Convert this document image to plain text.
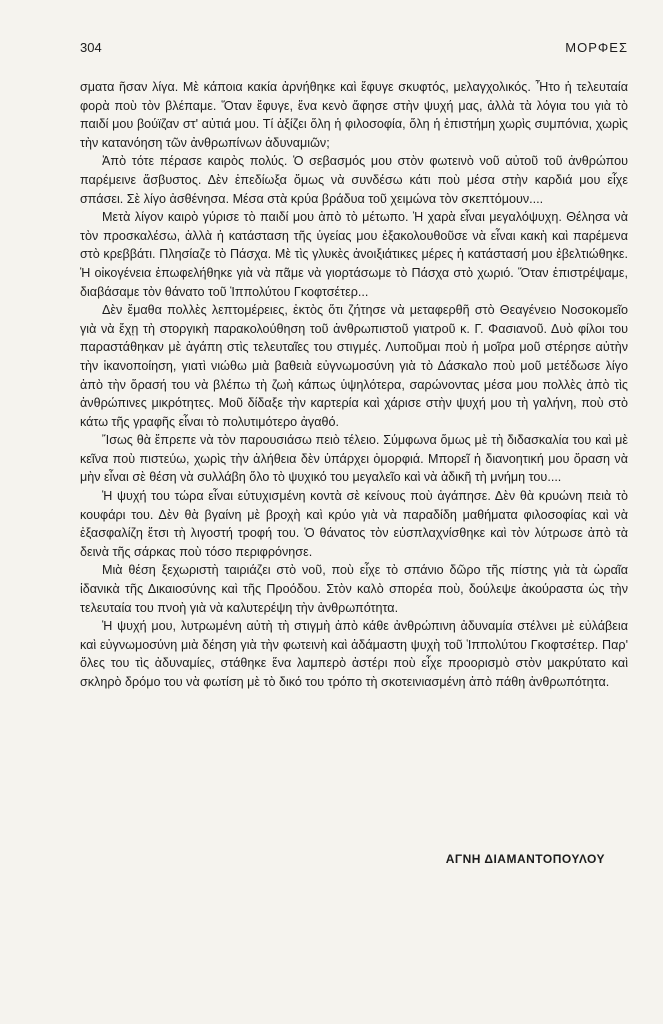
304	ΜΟΡΦΕΣ

σματα ῆσαν λίγα. Μὲ κάποια κακία ἀρνήθηκε καὶ ἔφυγε σκυφτός, μελαγχολικός. Ἦτο ἡ τελευταία φορὰ ποὺ τὸν βλέπαμε. Ὅταν ἔφυγε, ἕνα κενὸ ἄφησε στὴν ψυχή μας, ἀλλὰ τὰ λόγια του γιὰ τὸ παιδί μου βούϊζαν στ' αὐτιά μου. Τί ἀξίζει ὅλη ἡ φιλοσοφία, ὅλη ἡ ἐπιστήμη χωρὶς συμπόνια, χωρὶς τὴν κατανόηση τῶν ἀνθρωπίνων ἀδυναμιῶν;

Ἀπὸ τότε πέρασε καιρὸς πολύς. Ὁ σεβασμός μου στὸν φωτεινὸ νοῦ αὐτοῦ τοῦ ἀνθρώπου παρέμεινε ἄσβυστος. Δὲν ἐπεδίωξα ὅμως νὰ συνδέσω κάτι ποὺ μέσα στὴν καρδιά μου εἶχε σπάσει. Σὲ λίγο ἀσθένησα. Μέσα στὰ κρύα βράδυα τοῦ χειμώνα τὸν σκεπτόμουν....

Μετὰ λίγον καιρὸ γύρισε τὸ παιδί μου ἀπὸ τὸ μέτωπο. Ἡ χαρὰ εἶναι μεγαλόψυχη. Θέλησα νὰ τὸν προσκαλέσω, ἀλλὰ ἡ κατάσταση τῆς ὑγείας μου ἐξακολουθοῦσε νὰ εἶναι κακὴ καὶ παρέμενα στὸ κρεββάτι. Πλησίαζε τὸ Πάσχα. Μὲ τὶς γλυκὲς ἀνοιξιάτικες μέρες ἡ κατάστασή μου ἐβελτιώθηκε. Ἡ οἰκογένεια ἐπωφελήθηκε γιὰ νὰ πᾶμε νὰ γιορτάσωμε τὸ Πάσχα στὸ χωριό. Ὅταν ἐπιστρέψαμε, διαβάσαμε τὸν θάνατο τοῦ Ἱππολύτου Γκοφτσέτερ...

Δὲν ἔμαθα πολλὲς λεπτομέρειες, ἐκτὸς ὅτι ζήτησε νὰ μεταφερθῆ στὸ Θεαγένειο Νοσοκομεῖο γιὰ νὰ ἔχῃ τὴ στοργικὴ παρακολούθηση τοῦ ἀνθρωπιστοῦ γιατροῦ κ. Γ. Φασιανοῦ. Δυὸ φίλοι του παραστάθηκαν μὲ ἀγάπη στὶς τελευταῖες του στιγμές. Λυποῦμαι ποὺ ἡ μοῖρα μοῦ στέρησε αὐτὴν τὴν ἱκανοποίηση, γιατὶ νιώθω μιὰ βαθειὰ εὐγνωμοσύνη γιὰ τὸ Δάσκαλο ποὺ μοῦ μετέδωσε λίγο ἀπὸ τὴν ὅρασή του νὰ βλέπω τὴ ζωὴ κάπως ὑψηλότερα, σαρώνοντας μέσα μου πολλὲς ἀπὸ τὶς ἀνθρώπινες μικρότητες. Μοῦ δίδαξε τὴν καρτερία καὶ χάρισε στὴν ψυχή μου τὴ γαλήνη, ποὺ στὸ κάτω τῆς γραφῆς εἶναι τὸ πολυτιμότερο ἀγαθό.

Ἴσως θὰ ἔπρεπε νὰ τὸν παρουσιάσω πειὸ τέλειο. Σύμφωνα ὅμως μὲ τὴ διδασκαλία του καὶ μὲ κεῖνα ποὺ πιστεύω, χωρὶς τὴν ἀλήθεια δὲν ὑπάρχει ὀμορφιά. Μπορεῖ ἡ διανοητική μου ὅραση νὰ μὴν εἶναι σὲ θέση νὰ συλλάβη ὅλο τὸ ψυχικό του μεγαλεῖο καὶ νὰ ἀδικῆ τὴ μνήμη του....

Ἡ ψυχή του τώρα εἶναι εὐτυχισμένη κοντὰ σὲ κείνους ποὺ ἀγάπησε. Δὲν θὰ κρυώνη πειὰ τὸ κουφάρι του. Δὲν θὰ βγαίνη μὲ βροχὴ καὶ κρύο γιὰ νὰ παραδίδη μαθήματα φιλοσοφίας καὶ νὰ ἐξασφαλίζη ἔτσι τὴ λιγοστή τροφή του. Ὁ θάνατος τὸν εὐσπλαχνίσθηκε καὶ τὸν λύτρωσε ἀπὸ τὰ δεινὰ τῆς σάρκας ποὺ τόσο περιφρόνησε.

Μιὰ θέση ξεχωριστὴ ταιριάζει στὸ νοῦ, ποὺ εἶχε τὸ σπάνιο δῶρο τῆς πίστης γιὰ τὰ ὡραῖα ἰδανικὰ τῆς Δικαιοσύνης καὶ τῆς Προόδου. Στὸν καλὸ σπορέα ποὺ, δούλεψε ἀκούραστα ὡς τὴν τελευταία του πνοὴ γιὰ νὰ καλυτερέψη τὴν ἀνθρωπότητα.

Ἡ ψυχή μου, λυτρωμένη αὐτὴ τὴ στιγμὴ ἀπὸ κάθε ἀνθρώπινη ἀδυναμία στέλνει μὲ εὐλάβεια καὶ εὐγνωμοσύνη μιὰ δέηση γιὰ τὴν φωτεινὴ καὶ ἀδάμαστη ψυχὴ τοῦ Ἱππολύτου Γκοφτσέτερ. Παρ' ὅλες του τὶς ἀδυναμίες, στάθηκε ἕνα λαμπερὸ ἀστέρι ποὺ εἶχε προορισμὸ στὸν μακρύτατο καὶ σκληρὸ δρόμο του νὰ φωτίση μὲ τὸ δικό του τρόπο τὴ σκοτεινιασμένη ἀπὸ πάθη ἀνθρωπότητα.

ΑΓΝΗ ΔΙΑΜΑΝΤΟΠΟΥΛΟΥ
